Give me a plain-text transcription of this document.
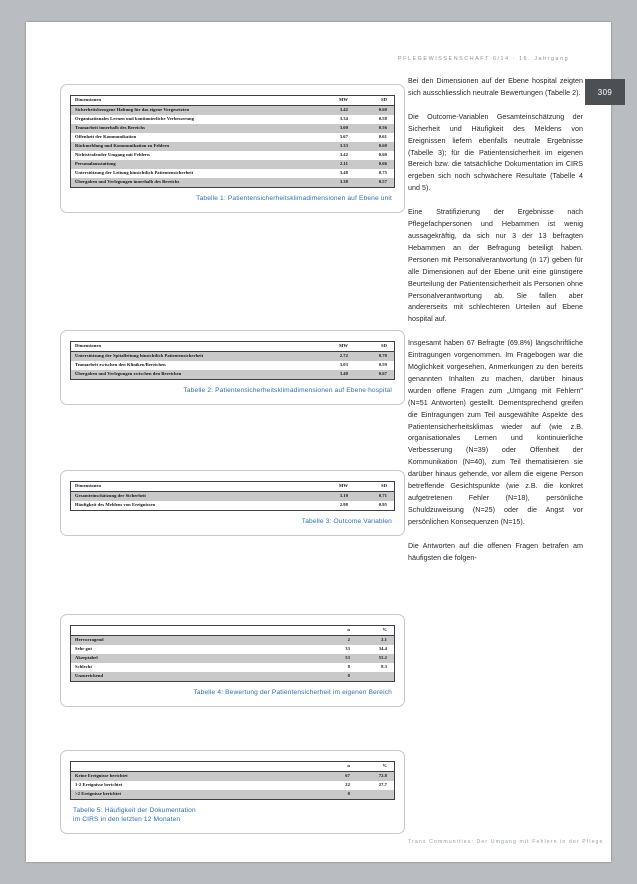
PFLEGEWISSENSCHAFT 6/14 · 16. Jahrgang
309
Dimensionen	MW	SD
Sicherheitsbezogene Haltung für das eigene Vorgesetzten	3.42	0.60
Organisationales Lernen und kontinuierliche Verbesserung	3.34	0.58
Teamarbeit innerhalb des Bereichs	3.60	0.56
Offenheit der Kommunikation	3.67	0.61
Rückmeldung und Kommunikation zu Fehlern	3.33	0.60
Nichtstrafender Umgang mit Fehlern	3.42	0.60
Personalausstattung	2.11	0.66
Unterstützung der Leitung hinsichtlich Patientensicherheit	3.48	0.75
Übergaben und Verlegungen innerhalb des Bereichs	3.38	0.57
Tabelle 1: Patientensicherheitsklimadimensionen auf Ebene unit
Dimensionen	MW	SD
Unterstützung der Spitalleitung hinsichtlich Patientensicherheit	2.72	0.70
Teamarbeit zwischen den Kliniken/Bereichen	3.03	0.59
Übergaben und Verlegungen zwischen den Bereichen	3.40	0.67
Tabelle 2: Patientensicherheitsklimadimensionen auf Ebene hospital
Dimensionen	MW	SD
Gesamteinschätzung der Sicherheit	3.10	0.71
Häufigkeit des Meldens von Ereignissen	2.98	0.95
Tabelle 3: Outcome Variablen
	n	%
Hervorragend	2	2.1
Sehr gut	33	34.4
Akzeptabel	53	55.2
Schlecht	8	8.3
Unzureichend	0	
Tabelle 4: Bewertung der Patientensicherheit im eigenen Bereich
	n	%
Keine Ereignisse berichtet	67	72.8
1-2 Ereignisse berichtet	22	27.7
>2 Ereignisse berichtet	0	
Tabelle 5: Häufigkeit der Dokumentation
im CIRS in den letzten 12 Monaten

Bei den Dimensionen auf der Ebene hospital zeigten sich ausschliesslich neutrale Bewertungen (Tabelle 2).

Die Outcome-Variablen Gesamteinschätzung der Sicherheit und Häufigkeit des Meldens von Ereignissen liefern ebenfalls neutrale Ergebnisse (Tabelle 3); für die Patientensicherheit im eigenen Bereich bzw. die tatsächliche Dokumentation im CIRS ergeben sich noch schwächere Resultate (Tabelle 4 und 5).

Eine Stratifizierung der Ergebnisse nach Pflegefachpersonen und Hebammen ist wenig aussagekräftig, da sich nur 3 der 13 befragten Hebammen an der Befragung beteiligt haben. Personen mit Personalverantwortung (n 17) geben für alle Dimensionen auf der Ebene unit eine günstigere Beurteilung der Patientensicherheit als Personen ohne Personalverantwortung ab. Sie fallen aber andererseits mit schlechteren Urteilen auf Ebene hospital auf.

Insgesamt haben 67 Befragte (69.8%) längschriftliche Eintragungen vorgenommen. Im Fragebogen war die Möglichkeit vorgesehen, Anmerkungen zu den bereits genannten Inhalten zu machen, darüber hinaus wurden offene Fragen zum „Umgang mit Fehlern" (N=51 Antworten) gestellt. Dementsprechend greifen die Eintragungen zum Teil ausgewählte Aspekte des Patientensicherheitsklimas wieder auf (wie z.B. organisationales Lernen und kontinuierliche Verbesserung (N=39) oder Offenheit der Kommunikation (N=40), zum Teil thematisieren sie darüber hinaus gehende, vor allem die eigene Person betreffende Gesichtspunkte (wie z.B. die konkret aufgetretenen Fehler (N=18), persönliche Schuldzuweisung (N=25) oder die Angst vor persönlichen Konsequenzen (N=15).

Die Antworten auf die offenen Fragen betrafen am häufigsten die folgen-

Trans Communities: Der Umgang mit Fehlern in der Pflege
